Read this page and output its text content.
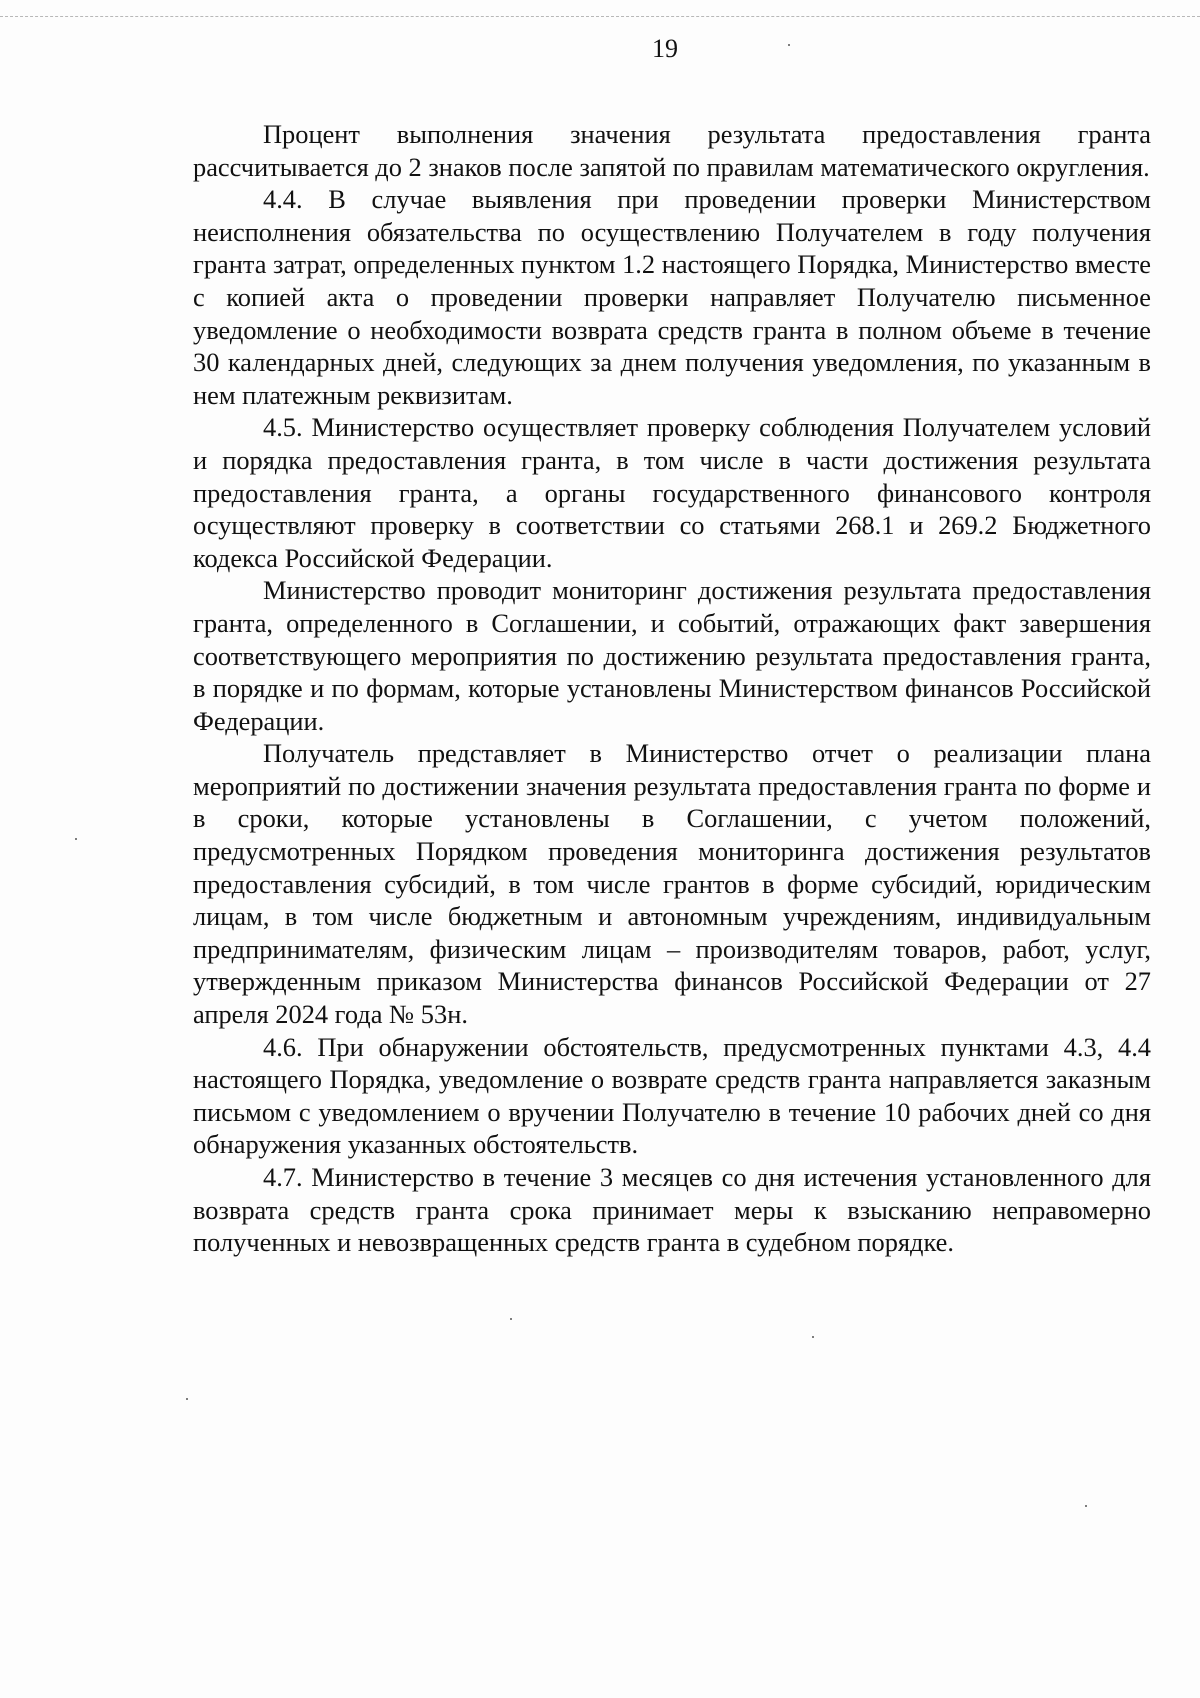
19

Процент выполнения значения результата предоставления гранта рассчитывается до 2 знаков после запятой по правилам математического округления.

4.4. В случае выявления при проведении проверки Министерством неисполнения обязательства по осуществлению Получателем в году получения гранта затрат, определенных пунктом 1.2 настоящего Порядка, Министерство вместе с копией акта о проведении проверки направляет Получателю письменное уведомление о необходимости возврата средств гранта в полном объеме в течение 30 календарных дней, следующих за днем получения уведомления, по указанным в нем платежным реквизитам.

4.5. Министерство осуществляет проверку соблюдения Получателем условий и порядка предоставления гранта, в том числе в части достижения результата предоставления гранта, а органы государственного финансового контроля осуществляют проверку в соответствии со статьями 268.1 и 269.2 Бюджетного кодекса Российской Федерации.

Министерство проводит мониторинг достижения результата предоставления гранта, определенного в Соглашении, и событий, отражающих факт завершения соответствующего мероприятия по достижению результата предоставления гранта, в порядке и по формам, которые установлены Министерством финансов Российской Федерации.

Получатель представляет в Министерство отчет о реализации плана мероприятий по достижении значения результата предоставления гранта по форме и в сроки, которые установлены в Соглашении, с учетом положений, предусмотренных Порядком проведения мониторинга достижения результатов предоставления субсидий, в том числе грантов в форме субсидий, юридическим лицам, в том числе бюджетным и автономным учреждениям, индивидуальным предпринимателям, физическим лицам – производителям товаров, работ, услуг, утвержденным приказом Министерства финансов Российской Федерации от 27 апреля 2024 года № 53н.

4.6. При обнаружении обстоятельств, предусмотренных пунктами 4.3, 4.4 настоящего Порядка, уведомление о возврате средств гранта направляется заказным письмом с уведомлением о вручении Получателю в течение 10 рабочих дней со дня обнаружения указанных обстоятельств.

4.7. Министерство в течение 3 месяцев со дня истечения установленного для возврата средств гранта срока принимает меры к взысканию неправомерно полученных и невозвращенных средств гранта в судебном порядке.
